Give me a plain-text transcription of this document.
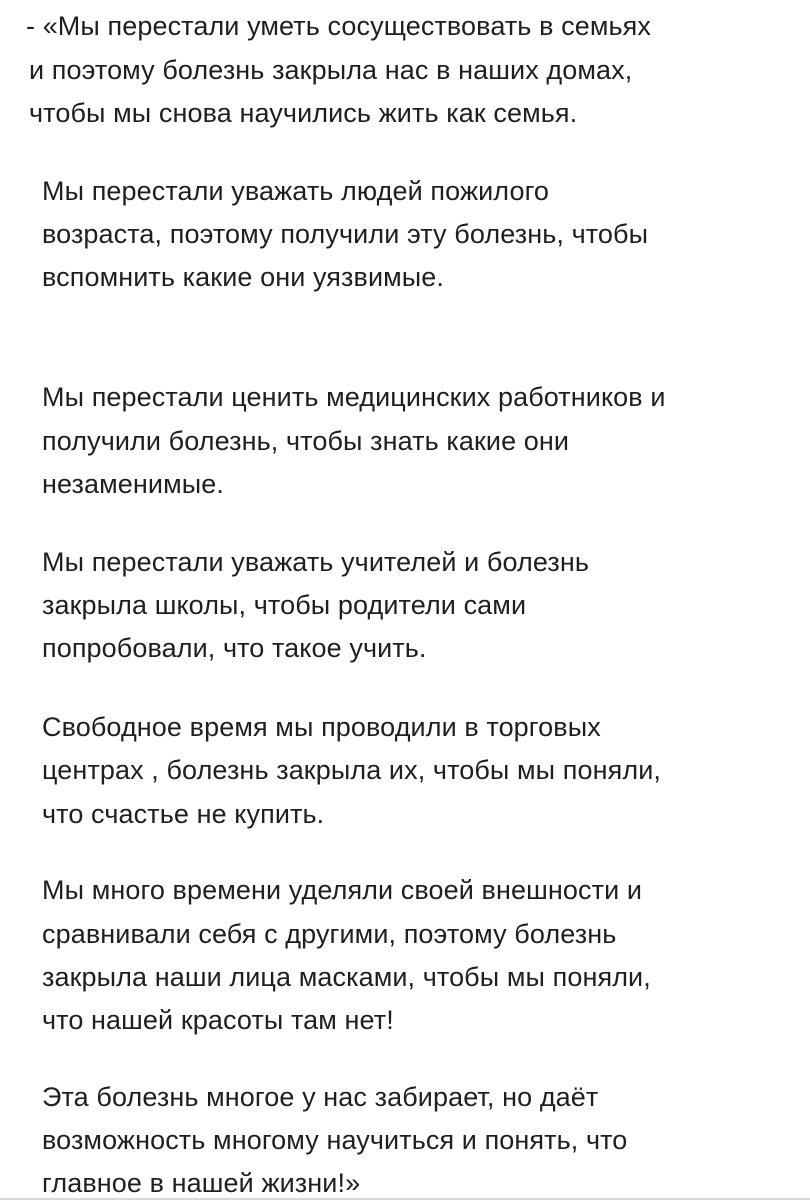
- «Мы перестали уметь сосуществовать в семьях
и поэтому болезнь закрыла нас в наших домах,
чтобы мы снова научились жить как семья.
Мы перестали уважать людей пожилого
возраста, поэтому получили эту болезнь, чтобы
вспомнить какие они уязвимые.
Мы перестали ценить медицинских работников и
получили болезнь, чтобы знать какие они
незаменимые.
Мы перестали уважать учителей и болезнь
закрыла школы, чтобы родители сами
попробовали, что такое учить.
Свободное время мы проводили в торговых
центрах , болезнь закрыла их, чтобы мы поняли,
что счастье не купить.
Мы много времени уделяли своей внешности и
сравнивали себя с другими, поэтому болезнь
закрыла наши лица масками, чтобы мы поняли,
что нашей красоты там нет!
Эта болезнь многое у нас забирает, но даёт
возможность многому научиться и понять, что
главное в нашей жизни!»
